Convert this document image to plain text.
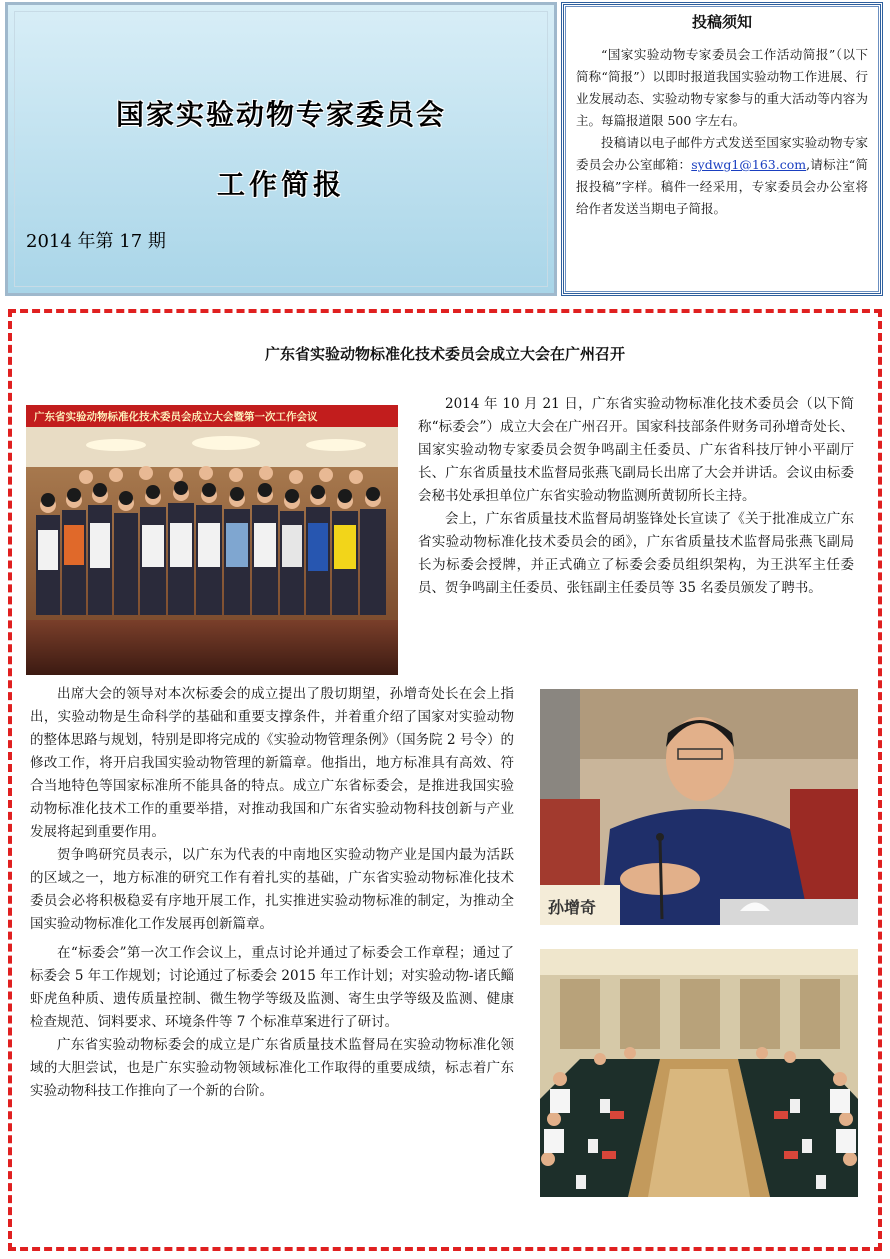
国家实验动物专家委员会
工作简报
2014 年第 17 期
投稿须知

“国家实验动物专家委员会工作活动简报”（以下简称“简报”）以即时报道我国实验动物工作进展、行业发展动态、实验动物专家参与的重大活动等内容为主。每篇报道限 500 字左右。

投稿请以电子邮件方式发送至国家实验动物专家委员会办公室邮箱：sydwg1@163.com,请标注“简报投稿”字样。稿件一经采用，专家委员会办公室将给作者发送当期电子简报。

广东省实验动物标准化技术委员会成立大会在广州召开
广东省实验动物标准化技术委员会成立大会暨第一次工作会议
孙增奇

2014 年 10 月 21 日，广东省实验动物标准化技术委员会（以下简称“标委会”）成立大会在广州召开。国家科技部条件财务司孙增奇处长、国家实验动物专家委员会贺争鸣副主任委员、广东省科技厅钟小平副厅长、广东省质量技术监督局张燕飞副局长出席了大会并讲话。会议由标委会秘书处承担单位广东省实验动物监测所黄韧所长主持。

会上，广东省质量技术监督局胡鉴锋处长宣读了《关于批准成立广东省实验动物标准化技术委员会的函》，广东省质量技术监督局张燕飞副局长为标委会授牌，并正式确立了标委会委员组织架构，为王洪军主任委员、贺争鸣副主任委员、张钰副主任委员等 35 名委员颁发了聘书。

出席大会的领导对本次标委会的成立提出了殷切期望，孙增奇处长在会上指出，实验动物是生命科学的基础和重要支撑条件，并着重介绍了国家对实验动物的整体思路与规划，特别是即将完成的《实验动物管理条例》（国务院 2 号令）的修改工作，将开启我国实验动物管理的新篇章。他指出，地方标准具有高效、符合当地特色等国家标准所不能具备的特点。成立广东省标委会，是推进我国实验动物标准化技术工作的重要举措，对推动我国和广东省实验动物科技创新与产业发展将起到重要作用。

贺争鸣研究员表示，以广东为代表的中南地区实验动物产业是国内最为活跃的区域之一，地方标准的研究工作有着扎实的基础，广东省实验动物标准化技术委员会必将积极稳妥有序地开展工作，扎实推进实验动物标准的制定，为推动全国实验动物标准化工作发展再创新篇章。

在“标委会”第一次工作会议上，重点讨论并通过了标委会工作章程；通过了标委会 5 年工作规划；讨论通过了标委会 2015 年工作计划；对实验动物-诸氏鲻虾虎鱼种质、遗传质量控制、微生物学等级及监测、寄生虫学等级及监测、健康检查规范、饲料要求、环境条件等 7 个标准草案进行了研讨。

广东省实验动物标委会的成立是广东省质量技术监督局在实验动物标准化领域的大胆尝试，也是广东实验动物领域标准化工作取得的重要成绩，标志着广东实验动物科技工作推向了一个新的台阶。
